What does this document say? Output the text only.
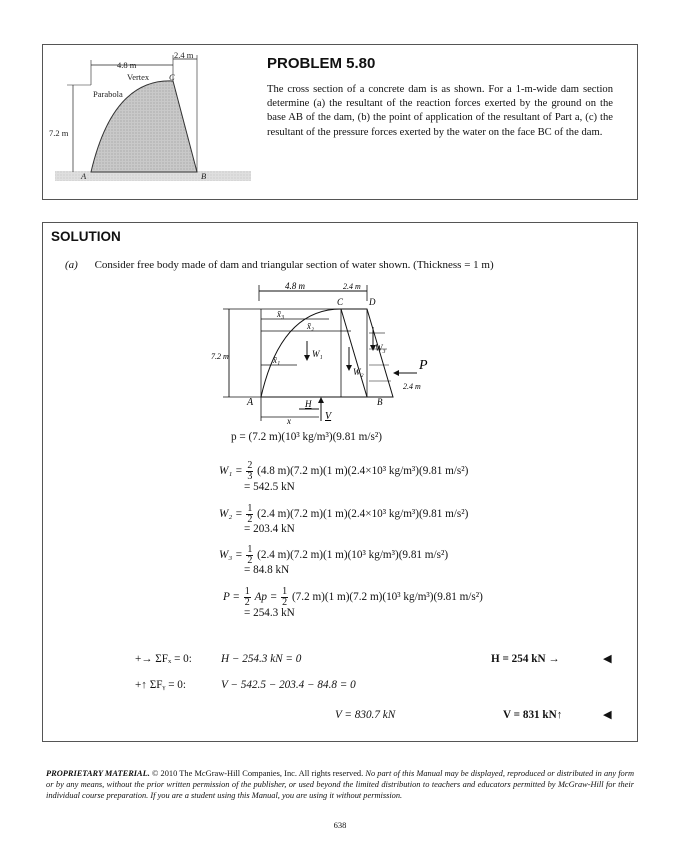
4.8 m
2.4 m
Vertex
Parabola
C
7.2 m
A	B
PROBLEM 5.80
The cross section of a concrete dam is as shown. For a 1-m-wide dam section determine (a) the resultant of the reaction forces exerted by the ground on the base AB of the dam, (b) the point of application of the resultant of Part a, (c) the resultant of the pressure forces exerted by the water on the face BC of the dam.
SOLUTION
(a) Consider free body made of dam and triangular section of water shown. (Thickness = 1 m)
4.8 m	2.4 m
C	D
7.2 m
x̄₃
x̄₂
x̄₁
W₁
W₂
W₃
P
2.4 m
A	B
x
H
V
p = (7.2 m)(10³ kg/m³)(9.81 m/s²)
$W_1 = \frac{2}{3} (4.8$ m)(7.2 m)(1 m)(2.4×10³ kg/m³)(9.81 m/s²)
= 542.5 kN
$W_2 = \frac{1}{2} (2.4$ m)(7.2 m)(1 m)(2.4×10³ kg/m³)(9.81 m/s²)
= 203.4 kN
$W_3 = \frac{1}{2} (2.4$ m)(7.2 m)(1 m)(10³ kg/m³)(9.81 m/s²)
= 84.8 kN
$P = \frac{1}{2}$ $Ap = \frac{1}{2} (7.2$ m)(1 m)(7.2 m)(10³ kg/m³)(9.81 m/s²)
= 254.3 kN
+→ ΣFₓ = 0:	H − 254.3 kN = 0	H = 254 kN →	◀
+↑ ΣFᵧ = 0:	V − 542.5 − 203.4 − 84.8 = 0
V = 830.7 kN	V = 831 kN↑	◀
PROPRIETARY MATERIAL. © 2010 The McGraw-Hill Companies, Inc. All rights reserved. No part of this Manual may be displayed, reproduced or distributed in any form or by any means, without the prior written permission of the publisher, or used beyond the limited distribution to teachers and educators permitted by McGraw-Hill for their individual course preparation. If you are a student using this Manual, you are using it without permission.
638
